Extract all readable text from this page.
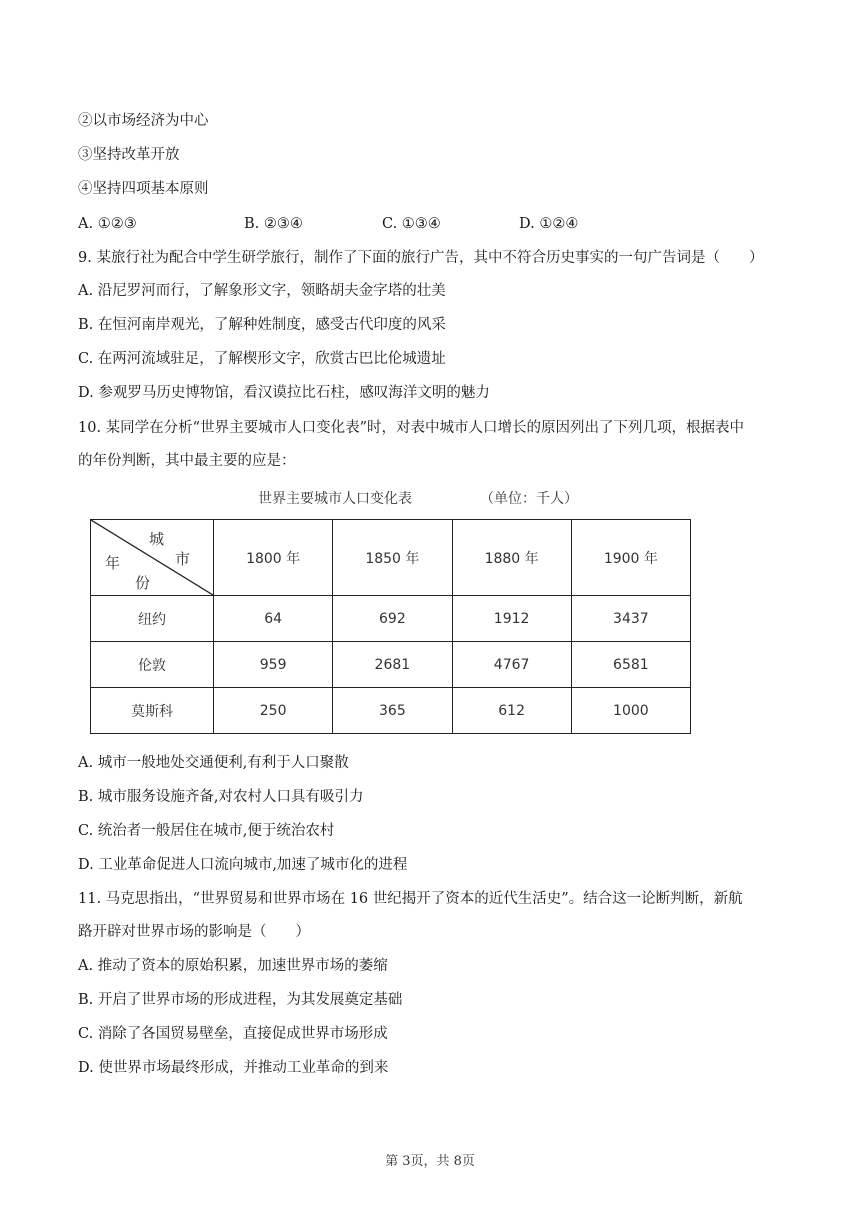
②以市场经济为中心
③坚持改革开放
④坚持四项基本原则
A. ①②③	B. ②③④	C. ①③④	D. ①②④
9. 某旅行社为配合中学生研学旅行，制作了下面的旅行广告，其中不符合历史事实的一句广告词是（　　）
A. 沿尼罗河而行，了解象形文字，领略胡夫金字塔的壮美
B. 在恒河南岸观光，了解种姓制度，感受古代印度的风采
C. 在两河流域驻足，了解楔形文字，欣赏古巴比伦城遗址
D. 参观罗马历史博物馆，看汉谟拉比石柱，感叹海洋文明的魅力
10. 某同学在分析“世界主要城市人口变化表”时，对表中城市人口增长的原因列出了下列几项，根据表中
的年份判断，其中最主要的应是：
世界主要城市人口变化表	（单位：千人）
城
市
年
份	1800 年	1850 年	1880 年	1900 年
纽约	64	692	1912	3437
伦敦	959	2681	4767	6581
莫斯科	250	365	612	1000
A. 城市一般地处交通便利,有利于人口聚散
B. 城市服务设施齐备,对农村人口具有吸引力
C. 统治者一般居住在城市,便于统治农村
D. 工业革命促进人口流向城市,加速了城市化的进程
11. 马克思指出，“世界贸易和世界市场在 16 世纪揭开了资本的近代生活史”。结合这一论断判断，新航
路开辟对世界市场的影响是（　　）
A. 推动了资本的原始积累，加速世界市场的萎缩
B. 开启了世界市场的形成进程，为其发展奠定基础
C. 消除了各国贸易壁垒，直接促成世界市场形成
D. 使世界市场最终形成，并推动工业革命的到来
第 3页，共 8页
